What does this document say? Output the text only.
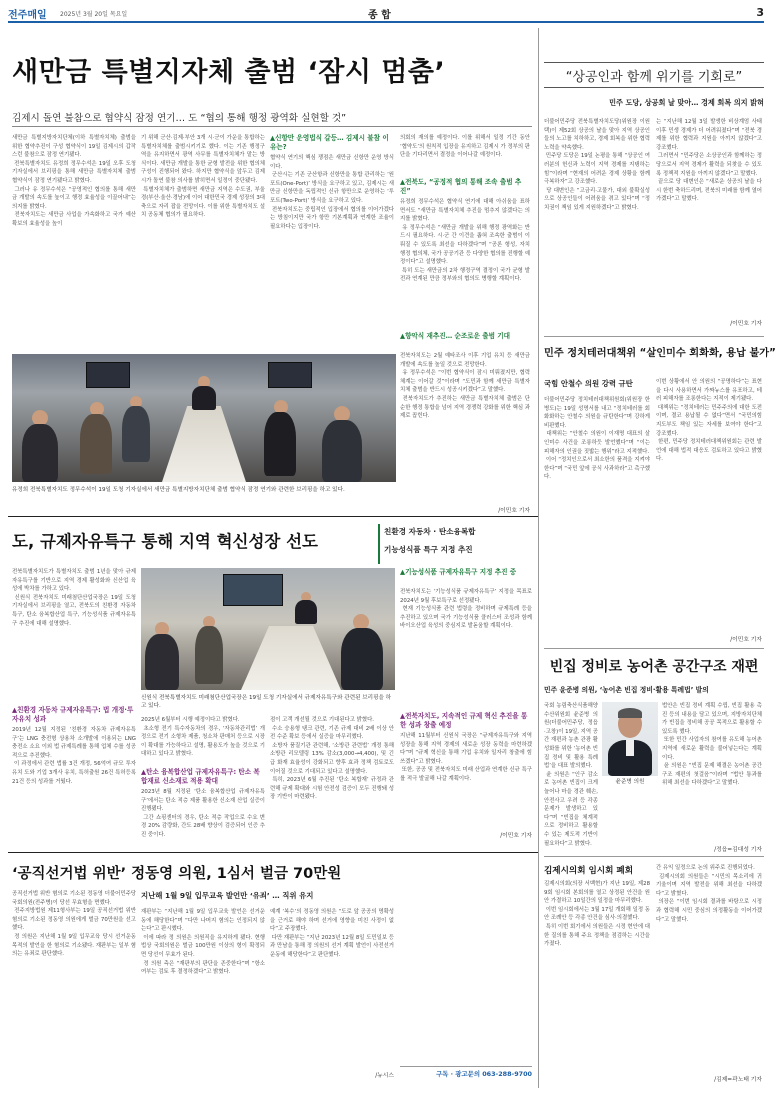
전주매일 2025년 3월 20일 목요일	종 합	3
새만금 특별지자체 출범 ‘잠시 멈춤’
김제시 돌연 불참으로 협약식 잠정 연기… 도 “협의 통해 행정 광역화 실현할 것”
새만금 특별지방자치단체(이하 특별자치체) 출범을 위한 협약추진이 구성 협약식이 19일 김제시의 갑작스런 불참으로 잠정 연기됐다.
전북특별자치도 유정희 정무수석은 19일 오후 도청 기자실에서 브리핑을 통해 새만금 특별자치체 출범 협약식이 잠정 연기됐다고 밝혔다.
그러나 유 정무수석은 “공영적인 협의를 통해 새만금 개발의 속도를 높이고 행정 효율성을 이끌어내”는 의지를 밝혔다.
전북자치도는 새만금 사업을 가속화하고 국가 예산 확보의 효율성을 높이
기 위해 군산·김제·부안 3개 시·군이 가운을 통합하는 특별자치체를 출범시키기로 했다. 이는 기존 행정구역을 유지하면서 광역 사무를 특별자치체가 맡는 방식이다. 새만금 개발을 통한 균형 발전을 위한 협의체 구성이 진행되어 왔다. 하지만 협약식을 앞두고 김제시가 돌연 불참 의사를 밝히면서 일정이 중단됐다.
특별자치체가 출범하면 새만금 지역은 수도권, 부울경(부산·울산·경남)에 이어 대한민국 경제 성장의 3대 축으로 자리 잡을 전망이다. 이를 위한 특별자치도 설치 공동체 협의가 필요하다.
▲신항만 운영법식 갈등… 김제시 불참 이유는?
협약식 연기의 핵심 쟁점은 새만금 신항만 운영 방식이다.
군산시는 기존 군산항과 신항만을 통합 관리하는 ‘원포트(One-Port)’ 방식을 요구하고 있고, 김제시는 새만금 신항만을 독립적인 신규 항만으로 운영하는 ‘투포트(Two-Port)’ 방식을 요구하고 있다.
전북자치도는 중립적인 입장에서 협의를 이어가겠다는 방침이지만 국가 항만 기본계획과 연계한 조율이 필요하다는 입장이다.
의회의 재의를 예정이다. 이를 위해서 일정 기간 동안 ‘협약도’의 원칙적 입장을 유지하고 김제시 가 정부의 판단을 기다리면서 결정을 이어나갈 예정이다.
▲전북도, “공정적 협의 통해 조속 출범 추진”
유정희 정무수석은 협약식 연기에 대해 아쉬움을 표하면서도 “새만금 특별자치체 추진을 멈추지 않겠다는 의지를 밝혔다.
유 정무수석은 “새만금 개발을 위해 행정 광역화는 반드시 필요하다. 시·군 간 이견을 좁혀 조속한 출범이 이뤄질 수 있도록 최선을 다하겠다”며 “공론 형성, 자치 행정 협의체, 국가 공공기관 등 다양한 협의를 진행할 예정이다”고 설명했다.
특히 도는 새만금의 2차 행정구역 결정이 국가 균형 발전과 연계된 만큼 정부와의 협의도 병행할 계획이다.
▲향악식 재추진… 순조로운 출범 기대
전북자치도는 2월 예타조사 이후 기업 유치 등 새만금 개발에 속도를 높일 것으로 전망한다.
유 정무수석은 “이번 협약식이 잠시 미뤄졌지만, 협력체계는 이어갈 것”이라며 “도민과 함께 새만금 특별자치체 출범을 반드시 성공시키겠다”고 말했다.
전북자치도가 추진하는 새만금 특별자치체 출범은 단순한 행정 통합을 넘어 지역 경쟁력 강화를 위한 핵심 과제로 꼽힌다.
/이민호 기자
유정희 전북특별자치도 정무수석이 19일 도청 기자실에서 새만금 특별지방자치단체 출범 협약식 잠정 연기와 관련한 브리핑을 하고 있다.
도, 규제자유특구 통해 지역 혁신성장 선도
친환경 자동차 · 탄소융복합
기능성식품 특구 지정 추진
전북특별자치도가 특별자치도 출범 1년을 맞아 규제자유특구를 기반으로 지역 경제 활성화와 신산업 육성에 박차를 가하고 있다.
신원식 전북자치도 미래첨단산업국장은 19일 도청 기자실에서 브리핑을 열고, 전북도의 친환경 자동차 특구, 탄소 융복합산업 특구, 기능성식품 규제자유특구 추진에 대해 설명했다.
신원식 전북특별자치도 미래첨단산업국장은 19일 도청 기자실에서 규제자유특구와 관련된 브리핑을 하고 있다.
▲기능성식품 규제자유특구 지정 추진 중
전북자치도는 ‘기능성식품 규제자유특구’ 지정을 목표로 2024년 9월 후보특구로 선정됐다.
현재 기능성식품 관련 법령을 정비하며 규제특례 등을 추진하고 있으며 국가 기능성식품 클러스터 조성과 함께 바이오산업 육성의 중심지로 발돋움할 계획이다.
▲친환경 자동차 규제자유특구: 법 개정·투자유치 성과
2019년 12월 지정된 ‘친환경 자동차 규제자유특구’는 LNG 충전형 상용차 소개발에 이용되는 LNG 충전소 소요 이외 법 규제특례를 통해 업체 수를 성공적으로 추진했다.
이 과정에서 관련 법률 3건 개정, 56억여 규모 투자유치 도와 기업 3개사 유치, 특허출원 26건 특허등록 21건 등의 성과를 거뒀다.
2025년 6월부터 시행 예정이다고 밝혔다.
초소형 전기 특수자동차의 경우, ‘자동차관리법’ 개정으로 전기 소형차 제품, 청소차 판매처 등으로 시장이 확대를 가능하다고 설명, 활용도가 높을 것으로 기대하고 있다고 밝혔다.
▲탄소 융복합산업 규제자유특구: 탄소 복합재료 신소재로 적용 확대
2023년 8월 지정된 ‘탄소 융복합산업 규제자유특구’에서는 탄소 적층 제품 활용한 신소재 산업 실증이 진행됐다.
그간 쇼핑센터의 경우, 탄소 적층 작업으로 수요 변경 20% 감량화, 간도 28배 향상이 검증되어 인증 추진 중이다.
점이 고객 개선될 것으로 기대된다고 밝혔다.
수소 승용형 탱크 관련, 기존 규제 대비 2배 이상 안전 수준 확보 등에서 실증을 마무리했다.
소방자 품질기관 관련해, ‘소방관 관련법’ 개정 통해 소방관 리모델링 13% 감소(3,000→4,400), 및 긴급 화재 효율성이 강화되고 향후 효과 정책 검토로도 이어질 것으로 기대되고 있다고 설명했다.
특히, 2023년 6월 추진된 ‘탄소 복합재’ 규정과 관련해 규제 확대와 시험 안전성 검증이 모두 진행돼 성장 기반이 마련됐다.
▲전북자치도, 지속적인 규제 혁신 추진을 통한 성과 창출 예정
지난해 11월부터 신원식 국장은 “규제자유특구와 지역 성장을 통해 지역 경제의 새로운 성장 동력을 마련하겠다”며 “규제 혁신을 통해 기업 유치와 일자리 창출에 힘쓰겠다”고 밝혔다.
또한, 공공 및 전북자치도 미래 산업과 연계한 신규 특구를 적극 발굴해 나갈 계획이다.
/이민호 기자
‘공직선거법 위반’ 정동영 의원, 1심서 벌금 70만원
공직선거법 위반 혐의로 기소된 정동영 더불어민주당 국회의원(전주병)이 당선 무효형을 면했다.
전주지방법원 제11형사부는 19일 공직선거법 위반 혐의로 기소된 정동영 의원에게 벌금 70만원을 선고했다.
정 의원은 지난해 1월 9일 입무교육 당시 선거운동 목적의 발언을 한 혐의로 기소됐다. 재판부는 일부 혐의는 유죄로 판단했다.
지난해 1월 9일 입무교육 발언만 ‘유죄’ … 직위 유지
재판부는 “지난해 1월 9일 입무교육 발언은 선거운동에 해당한다”며 “다만 나머지 혐의는 인정되지 않는다”고 판시했다.
이에 따라 정 의원은 의원직을 유지하게 됐다. 현행법상 국회의원은 벌금 100만원 이상의 형이 확정되면 당선이 무효가 된다.
정 의원 측은 “재판부의 판단을 존중한다”며 “항소 여부는 검토 후 결정하겠다”고 밝혔다.
예계 ‘복수’의 정동영 의원은 “도로 앞 공공의 명확성을 근거로 해야 하며 선거에 영향을 미친 사정이 없다”고 주장했다.
다만 재판부는 “지난 2023년 12월 8일 도민일보 등과 만남을 통해 정 의원의 선거 계획 발언이 사전선거운동에 해당한다”고 판단했다.
/뉴시스	구독 · 광고문의 063-288-9700
“상공인과 함께 위기를 기회로”
민주 도당, 상공회 날 맞아… 경제 회복 의지 밝혀
더불어민주당 전북특별자치도당(위원장 이원택)이 제52회 상공의 날을 맞아 지역 상공인들의 노고를 치하하고, 경제 회복을 위한 협력 노력을 약속했다.
민주당 도당은 19일 논평을 통해 “상공인 여러분의 헌신과 노력이 지역 경제를 지탱하는 힘”이라며 “현재의 어려운 경제 상황을 함께 극복하자”고 강조했다.
당 대변인은 “고금리·고물가, 대외 불확실성으로 상공인들이 어려움을 겪고 있다”며 “정치권이 책임 있게 지원하겠다”고 밝혔다.
는 “지난해 12월 3일 발생한 비상계엄 사태 이후 민생 경제가 더 어려워졌다”며 “전북 경제를 위한 협력과 지원을 아끼지 않겠다”고 강조했다.
그러면서 “민주당은 소상공인과 함께하는 정당으로서 지역 경제가 활력을 되찾을 수 있도록 정책적 지원을 아끼지 않겠다”고 말했다.
끝으로 당 대변인은 “새로운 상공의 날을 다시 한번 축하드리며, 전북의 미래를 함께 열어가겠다”고 말했다.
/이민호 기자
민주 정치테러대책위 “살인미수 회화화, 용납 불가”
국힘 안철수 의원 강력 규탄
더불어민주당 정치테러대책위원회(위원장 한병도)는 19일 성명서를 내고 “정치테러를 회화화하는 안철수 의원을 규탄한다”며 강하게 비판했다.
대책위는 “안철수 의원이 이재명 대표의 살인미수 사건을 조롱하듯 발언했다”며 “이는 피해자의 인권을 짓밟는 행위”라고 지적했다.
이어 “정치인으로서 최소한의 품격을 지켜야 한다”며 “국민 앞에 공식 사과하라”고 촉구했다.
이번 상황에서 안 의원의 “공명하다”는 표현을 다시 사용하면서 가짜뉴스를 유포하고, 테러 피해자를 조롱한다는 지적이 제기됐다.
대책위는 “정치테러는 민주주의에 대한 도전이며, 결코 용납될 수 없다”면서 “국민의힘 지도부도 책임 있는 자세를 보여야 한다”고 강조했다.
한편, 민주당 정치테러대책위원회는 관련 발언에 대해 법적 대응도 검토하고 있다고 밝혔다.
/이민호 기자
빈집 정비로 농어촌 공간구조 재편
민주 윤준병 의원, ‘농어촌 빈집 정비·활용 특례법’ 발의
국회 농림축산식품해양수산위원회 윤준병 의원(더불어민주당, 정읍·고창)이 19일, 지역 공간 재편과 농촌 관광 활성화를 위한 ‘농어촌 빈집 정비 및 활용 특례법’을 대표 발의했다.
윤 의원은 “인구 감소로 농어촌 빈집이 크게 늘어나 마을 경관 훼손, 안전사고 우려 등 각종 문제가 발생하고 있다”며 “빈집을 체계적으로 정비하고 활용할 수 있는 제도적 기반이 필요하다”고 밝혔다.
윤준병 의원
법안은 빈집 정비 계획 수립, 빈집 활용 촉진 등의 내용을 담고 있으며, 지방자치단체가 빈집을 정비해 공공 목적으로 활용할 수 있도록 했다.
또한 민간 사업자의 참여를 유도해 농어촌 지역에 새로운 활력을 불어넣는다는 계획이다.
윤 의원은 “빈집 문제 해결은 농어촌 공간구조 재편의 첫걸음”이라며 “법안 통과를 위해 최선을 다하겠다”고 말했다.
/정읍=김대성 기자
김제시의회 임시회 폐회
김제시의회(의장 서백현)가 지난 19일, 제289회 임시회 본회의를 열고 상정된 안건을 원안 가결하고 10일간의 일정을 마무리했다.
이번 임시회에서는 3월 17일 개회해 일정 동안 조례안 등 각종 안건을 심사·의결했다.
특히 이번 회기에서 의원들은 시정 현안에 대한 질의를 통해 주요 정책을 점검하는 시간을 가졌다.
간 유익 일정으로 논의 위주로 진행되었다.
김제시의회 의원들은 “시민의 목소리에 귀 기울이며 지역 발전을 위해 최선을 다하겠다”고 밝혔다.
의장은 “이번 임시회 결과를 바탕으로 시정과 협력해 시민 중심의 의정활동을 이어가겠다”고 말했다.
/김제=곽노태 기자
